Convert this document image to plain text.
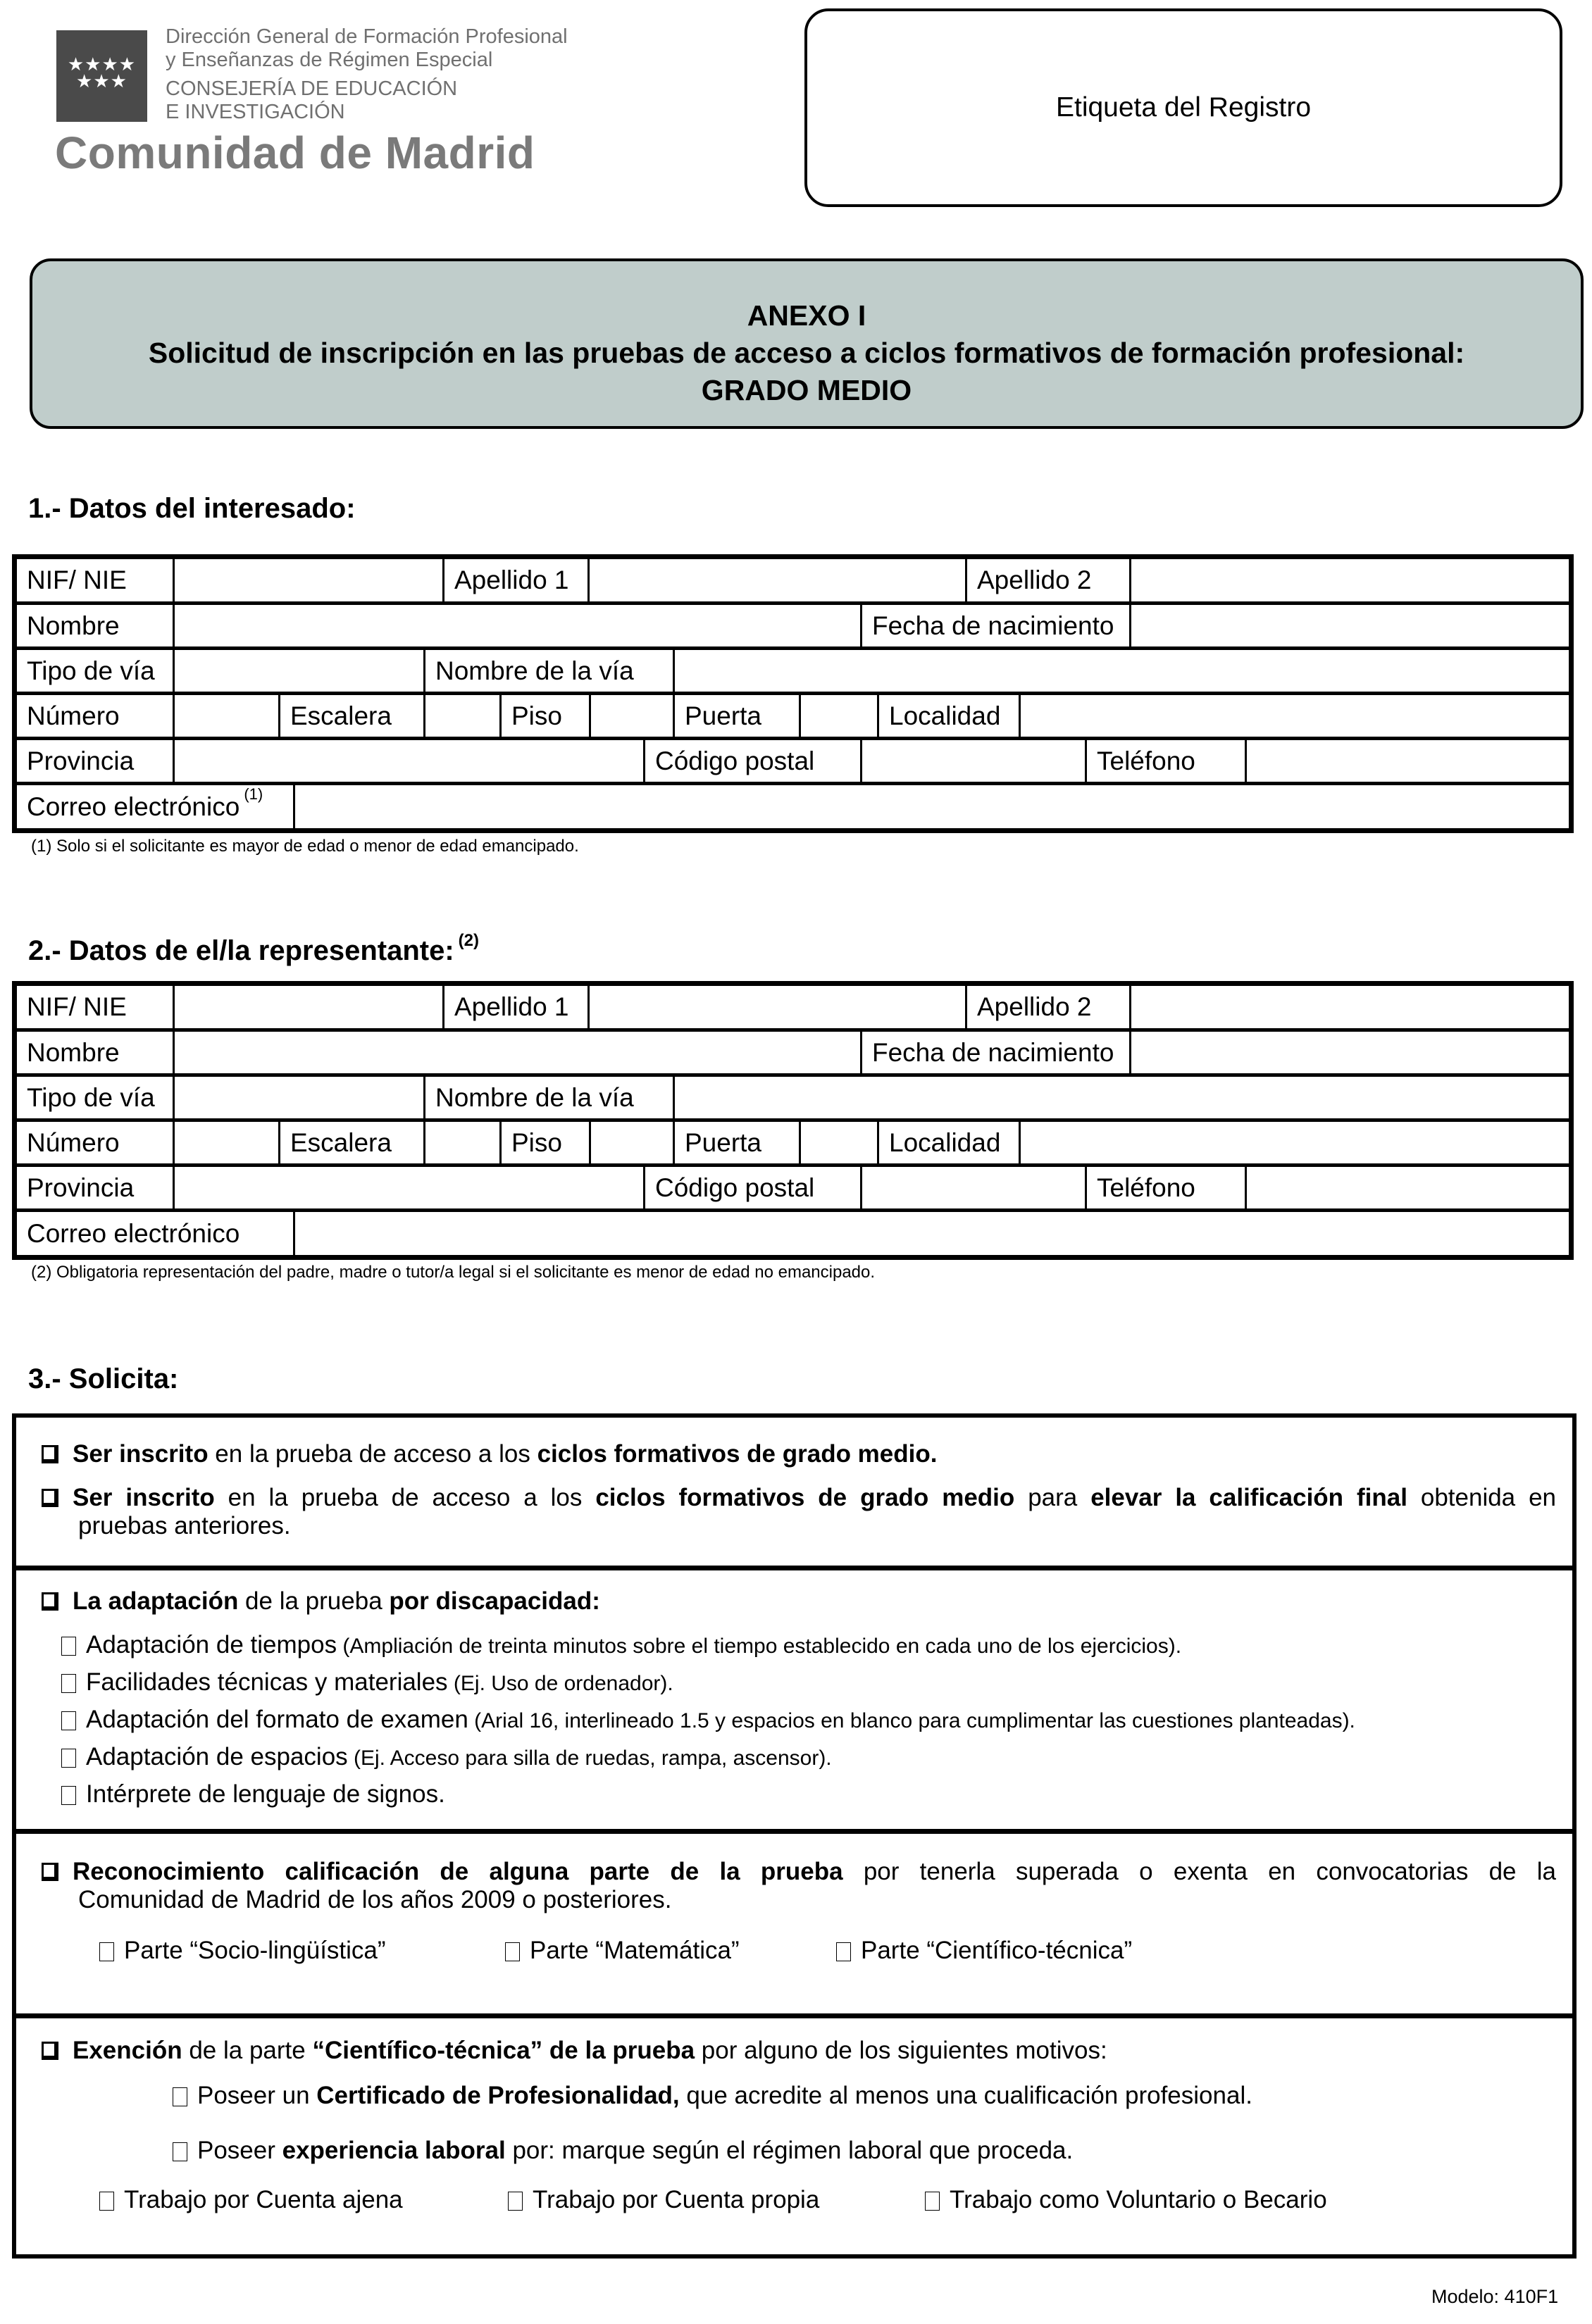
★★★★
★★★
Dirección General de Formación Profesional
y Enseñanzas de Régimen Especial
CONSEJERÍA DE EDUCACIÓN
E INVESTIGACIÓN
Comunidad de Madrid
Etiqueta del Registro
ANEXO I
Solicitud de inscripción en las pruebas de acceso a ciclos formativos de formación profesional:
GRADO MEDIO
1.- Datos del interesado:
NIF/ NIE	Apellido 1	Apellido 2
Nombre	Fecha de nacimiento
Tipo de vía	Nombre de la vía
Número	Escalera	Piso	Puerta	Localidad
Provincia	Código postal	Teléfono
Correo electrónico $^{(1)}$
(1) Solo si el solicitante es mayor de edad o menor de edad emancipado.
2.- Datos de el/la representante: $^{(2)}$
NIF/ NIE	Apellido 1	Apellido 2
Nombre	Fecha de nacimiento
Tipo de vía	Nombre de la vía
Número	Escalera	Piso	Puerta	Localidad
Provincia	Código postal	Teléfono
Correo electrónico
(2) Obligatoria representación del padre, madre o tutor/a legal si el solicitante es menor de edad no emancipado.
3.- Solicita:
Ser inscrito en la prueba de acceso a los ciclos formativos de grado medio.
Ser inscrito en la prueba de acceso a los ciclos formativos de grado medio para elevar la calificación final obtenida en
pruebas anteriores.
La adaptación de la prueba por discapacidad:
Adaptación de tiempos (Ampliación de treinta minutos sobre el tiempo establecido en cada uno de los ejercicios).
Facilidades técnicas y materiales (Ej. Uso de ordenador).
Adaptación del formato de examen (Arial 16, interlineado 1.5 y espacios en blanco para cumplimentar las cuestiones planteadas).
Adaptación de espacios (Ej. Acceso para silla de ruedas, rampa, ascensor).
Intérprete de lenguaje de signos.
Reconocimiento calificación de alguna parte de la prueba por tenerla superada o exenta en convocatorias de la
Comunidad de Madrid de los años 2009 o posteriores.
Parte “Socio-lingüística”	Parte “Matemática”	Parte “Científico-técnica”
Exención de la parte “Científico-técnica” de la prueba por alguno de los siguientes motivos:
Poseer un Certificado de Profesionalidad, que acredite al menos una cualificación profesional.
Poseer experiencia laboral por: marque según el régimen laboral que proceda.
Trabajo por Cuenta ajena	Trabajo por Cuenta propia	Trabajo como Voluntario o Becario
Modelo: 410F1
